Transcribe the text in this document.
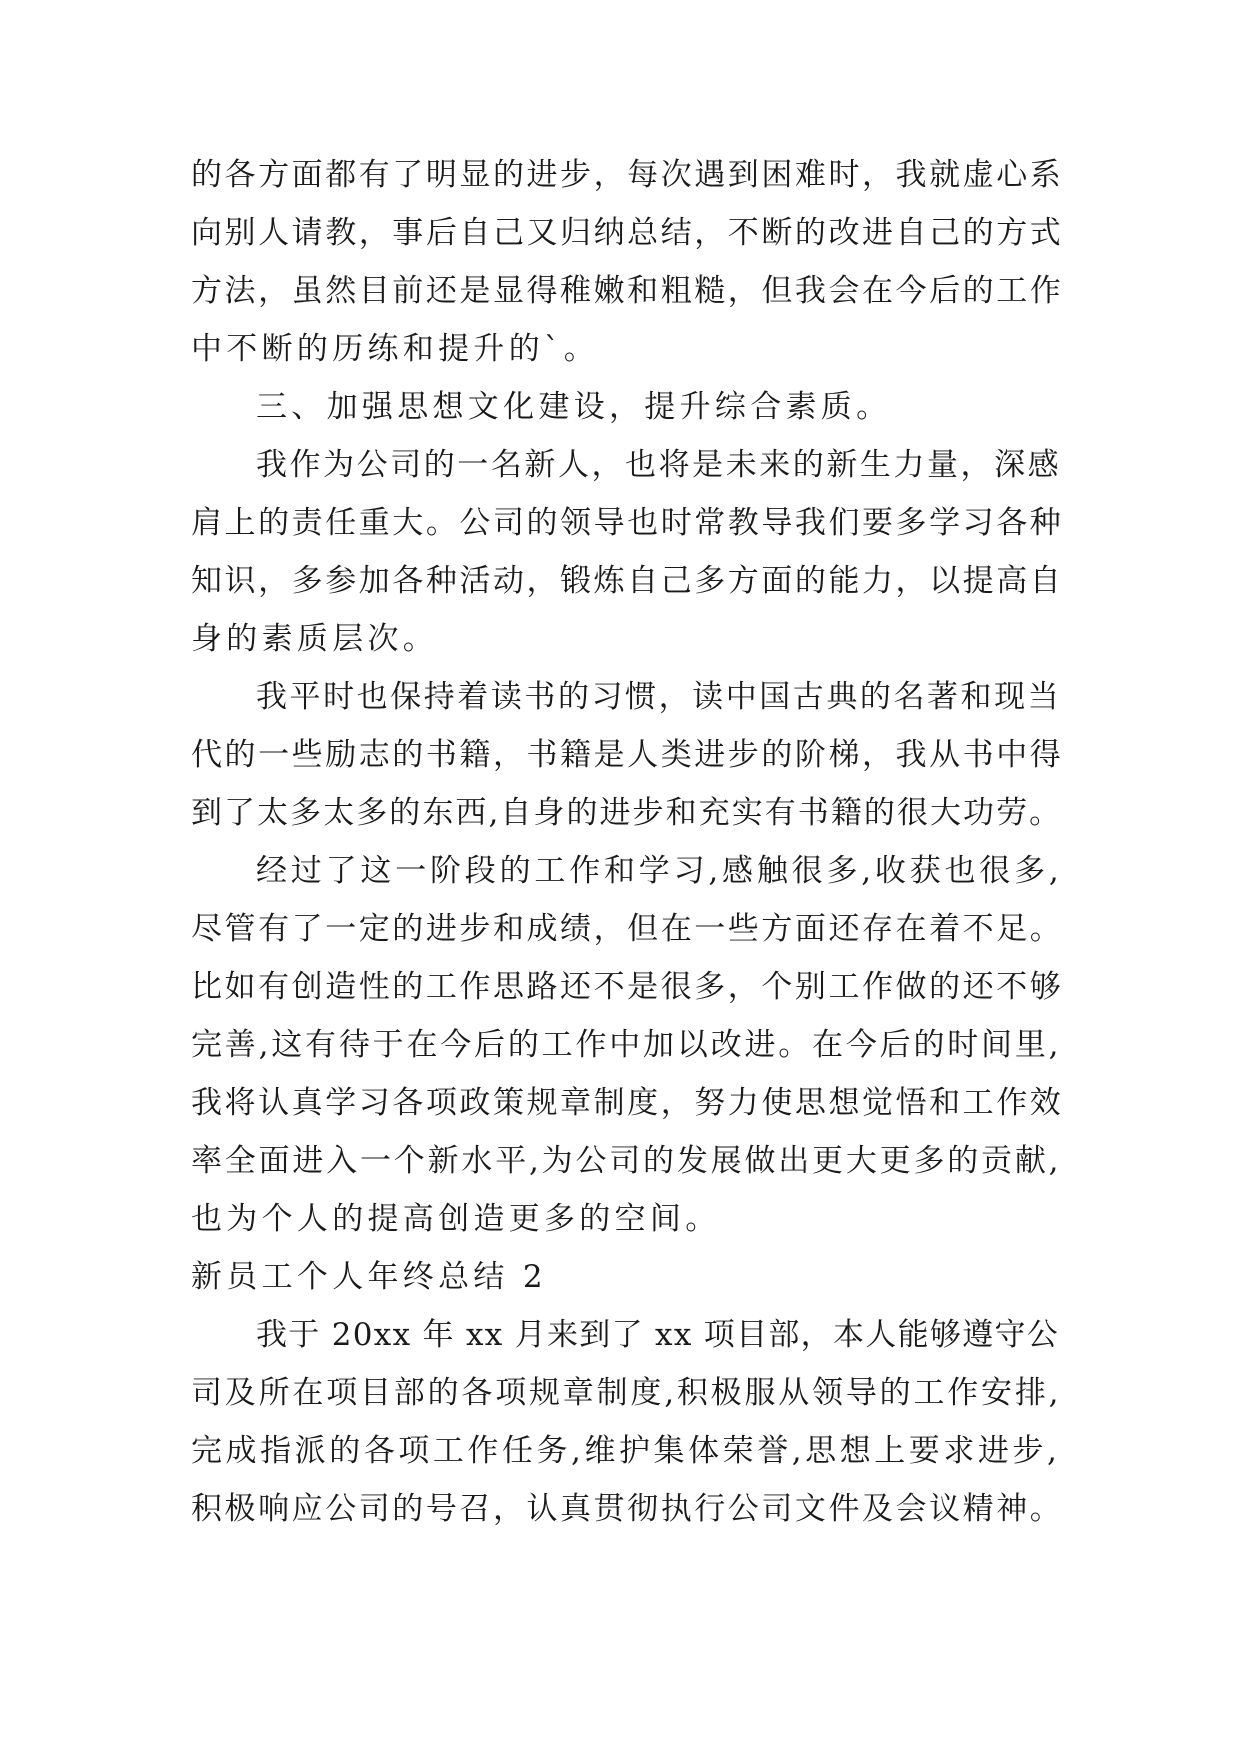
的各方面都有了明显的进步，每次遇到困难时，我就虚心系
向别人请教，事后自己又归纳总结，不断的改进自己的方式
方法，虽然目前还是显得稚嫩和粗糙，但我会在今后的工作
中不断的历练和提升的`。
三、加强思想文化建设，提升综合素质。
我作为公司的一名新人，也将是未来的新生力量，深感
肩上的责任重大。公司的领导也时常教导我们要多学习各种
知识，多参加各种活动，锻炼自己多方面的能力，以提高自
身的素质层次。
我平时也保持着读书的习惯，读中国古典的名著和现当
代的一些励志的书籍，书籍是人类进步的阶梯，我从书中得
到了太多太多的东西,自身的进步和充实有书籍的很大功劳。
经过了这一阶段的工作和学习,感触很多,收获也很多,
尽管有了一定的进步和成绩，但在一些方面还存在着不足。
比如有创造性的工作思路还不是很多，个别工作做的还不够
完善,这有待于在今后的工作中加以改进。在今后的时间里,
我将认真学习各项政策规章制度，努力使思想觉悟和工作效
率全面进入一个新水平,为公司的发展做出更大更多的贡献,
也为个人的提高创造更多的空间。
新员工个人年终总结 2
我于 20xx 年 xx 月来到了 xx 项目部，本人能够遵守公
司及所在项目部的各项规章制度,积极服从领导的工作安排,
完成指派的各项工作任务,维护集体荣誉,思想上要求进步,
积极响应公司的号召，认真贯彻执行公司文件及会议精神。
